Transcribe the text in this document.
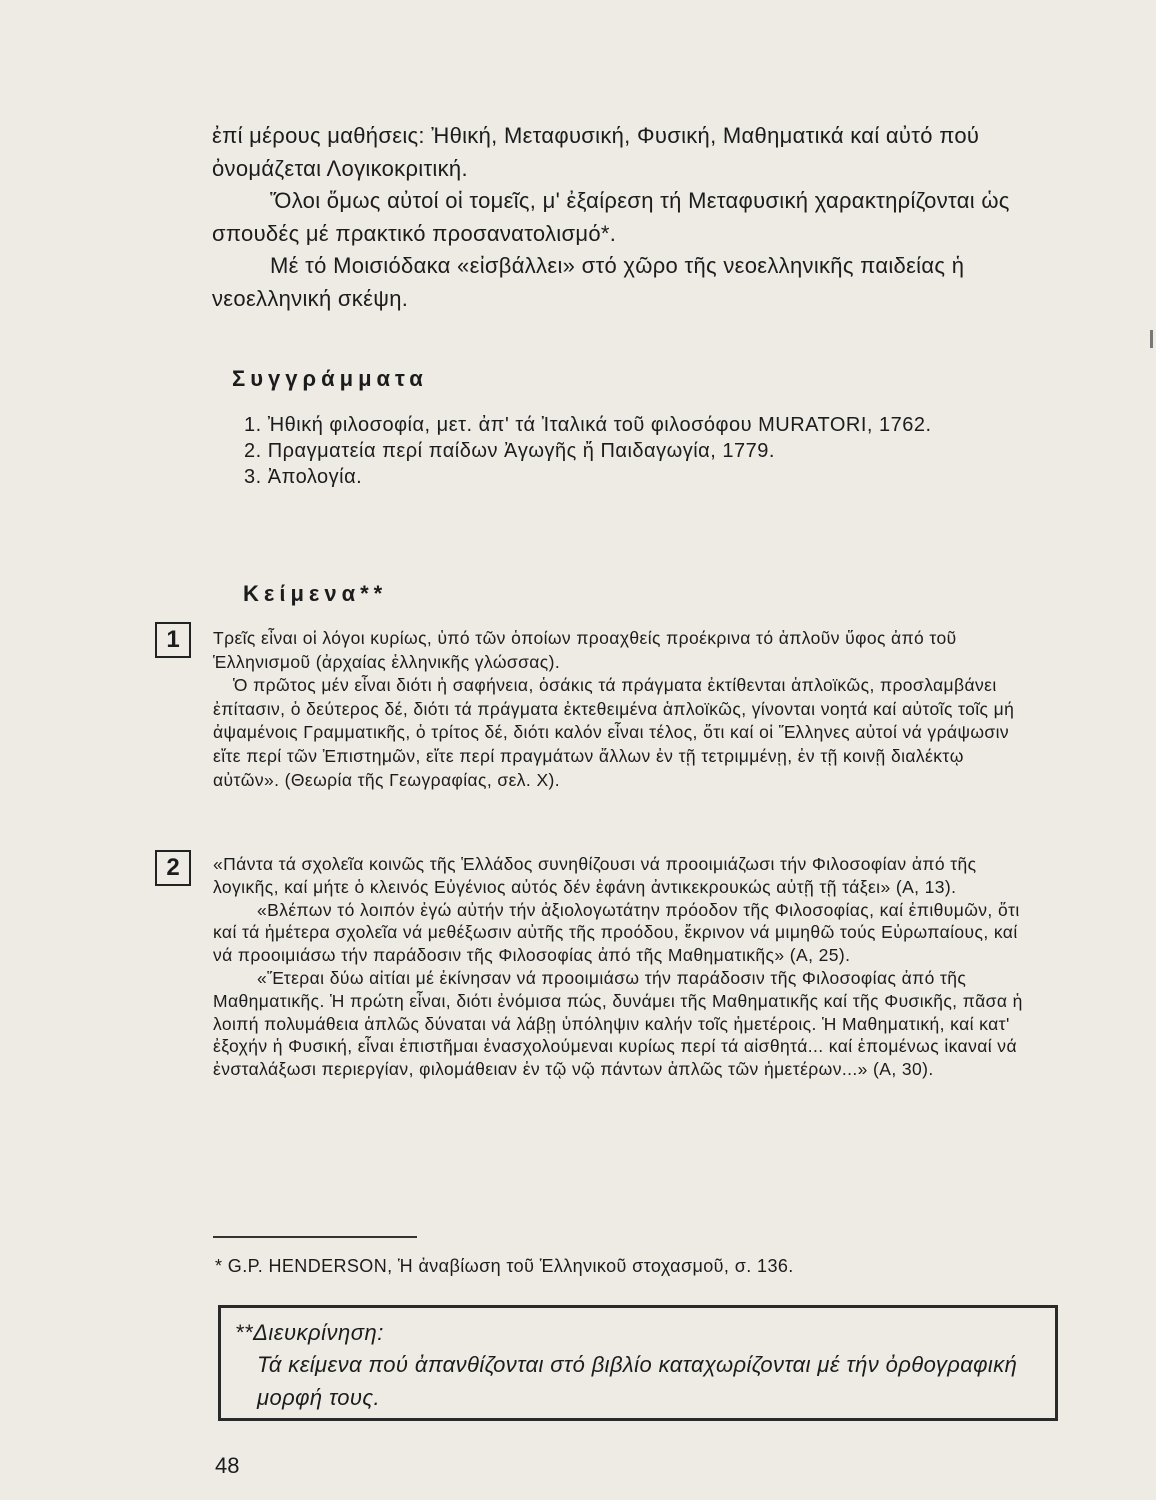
ἐπί μέρους μαθήσεις: Ἠθική, Μεταφυσική, Φυσική, Μαθηματικά καί αὐτό πού ὀνομάζεται Λογικοκριτική.

Ὅλοι ὅμως αὐτοί οἱ τομεῖς, μ' ἐξαίρεση τή Μεταφυσική χαρακτηρίζονται ὡς σπουδές μέ πρακτικό προσανατολισμό*.

Μέ τό Μοισιόδακα «εἰσβάλλει» στό χῶρο τῆς νεοελληνικῆς παιδείας ἡ νεοελληνική σκέψη.

Συγγράμματα
1. Ἠθική φιλοσοφία, μετ. ἀπ' τά Ἰταλικά τοῦ φιλοσόφου MURATORI, 1762.
2. Πραγματεία περί παίδων Ἀγωγῆς ἤ Παιδαγωγία, 1779.
3. Ἀπολογία.
Κείμενα**
1	Τρεῖς εἶναι οἱ λόγοι κυρίως, ὑπό τῶν ὁποίων προαχθείς προέκρινα τό ἁπλοῦν ὕφος ἀπό τοῦ Ἑλληνισμοῦ (ἀρχαίας ἑλληνικῆς γλώσσας).

Ὁ πρῶτος μέν εἶναι διότι ἡ σαφήνεια, ὁσάκις τά πράγματα ἐκτίθενται ἁπλοϊκῶς, προσλαμβάνει ἐπίτασιν, ὁ δεύτερος δέ, διότι τά πράγματα ἐκτεθειμένα ἁπλοϊκῶς, γίνονται νοητά καί αὐτοῖς τοῖς μή ἀψαμένοις Γραμματικῆς, ὁ τρίτος δέ, διότι καλόν εἶναι τέλος, ὅτι καί οἱ Ἕλληνες αὐτοί νά γράψωσιν εἴτε περί τῶν Ἐπιστημῶν, εἴτε περί πραγμάτων ἄλλων ἐν τῇ τετριμμένῃ, ἐν τῇ κοινῇ διαλέκτῳ αὐτῶν». (Θεωρία τῆς Γεωγραφίας, σελ. Χ).

2	«Πάντα τά σχολεῖα κοινῶς τῆς Ἑλλάδος συνηθίζουσι νά προοιμιάζωσι τήν Φιλοσοφίαν ἀπό τῆς λογικῆς, καί μήτε ὁ κλεινός Εὐγένιος αὐτός δέν ἐφάνη ἀντικεκρουκώς αὐτῇ τῇ τάξει» (Α, 13).

«Βλέπων τό λοιπόν ἐγώ αὐτήν τήν ἀξιολογωτάτην πρόοδον τῆς Φιλοσοφίας, καί ἐπιθυμῶν, ὅτι καί τά ἡμέτερα σχολεῖα νά μεθέξωσιν αὐτῆς τῆς προόδου, ἔκρινον νά μιμηθῶ τούς Εὐρωπαίους, καί νά προοιμιάσω τήν παράδοσιν τῆς Φιλοσοφίας ἀπό τῆς Μαθηματικῆς» (Α, 25).

«Ἕτεραι δύω αἰτίαι μέ ἐκίνησαν νά προοιμιάσω τήν παράδοσιν τῆς Φιλοσοφίας ἀπό τῆς Μαθηματικῆς. Ἡ πρώτη εἶναι, διότι ἐνόμισα πώς, δυνάμει τῆς Μαθηματικῆς καί τῆς Φυσικῆς, πᾶσα ἡ λοιπή πολυμάθεια ἁπλῶς δύναται νά λάβῃ ὑπόληψιν καλήν τοῖς ἡμετέροις. Ἡ Μαθηματική, καί κατ' ἐξοχήν ἡ Φυσική, εἶναι ἐπιστῆμαι ἐνασχολούμεναι κυρίως περί τά αἰσθητά... καί ἑπομένως ἱκαναί νά ἐνσταλάξωσι περιεργίαν, φιλομάθειαν ἐν τῷ νῷ πάντων ἁπλῶς τῶν ἡμετέρων...» (Α, 30).

* G.P. HENDERSON, Ἡ ἀναβίωση τοῦ Ἑλληνικοῦ στοχασμοῦ, σ. 136.
**Διευκρίνηση:
Τά κείμενα πού ἀπανθίζονται στό βιβλίο καταχωρίζονται μέ τήν ὀρθογραφική μορφή τους.
48
